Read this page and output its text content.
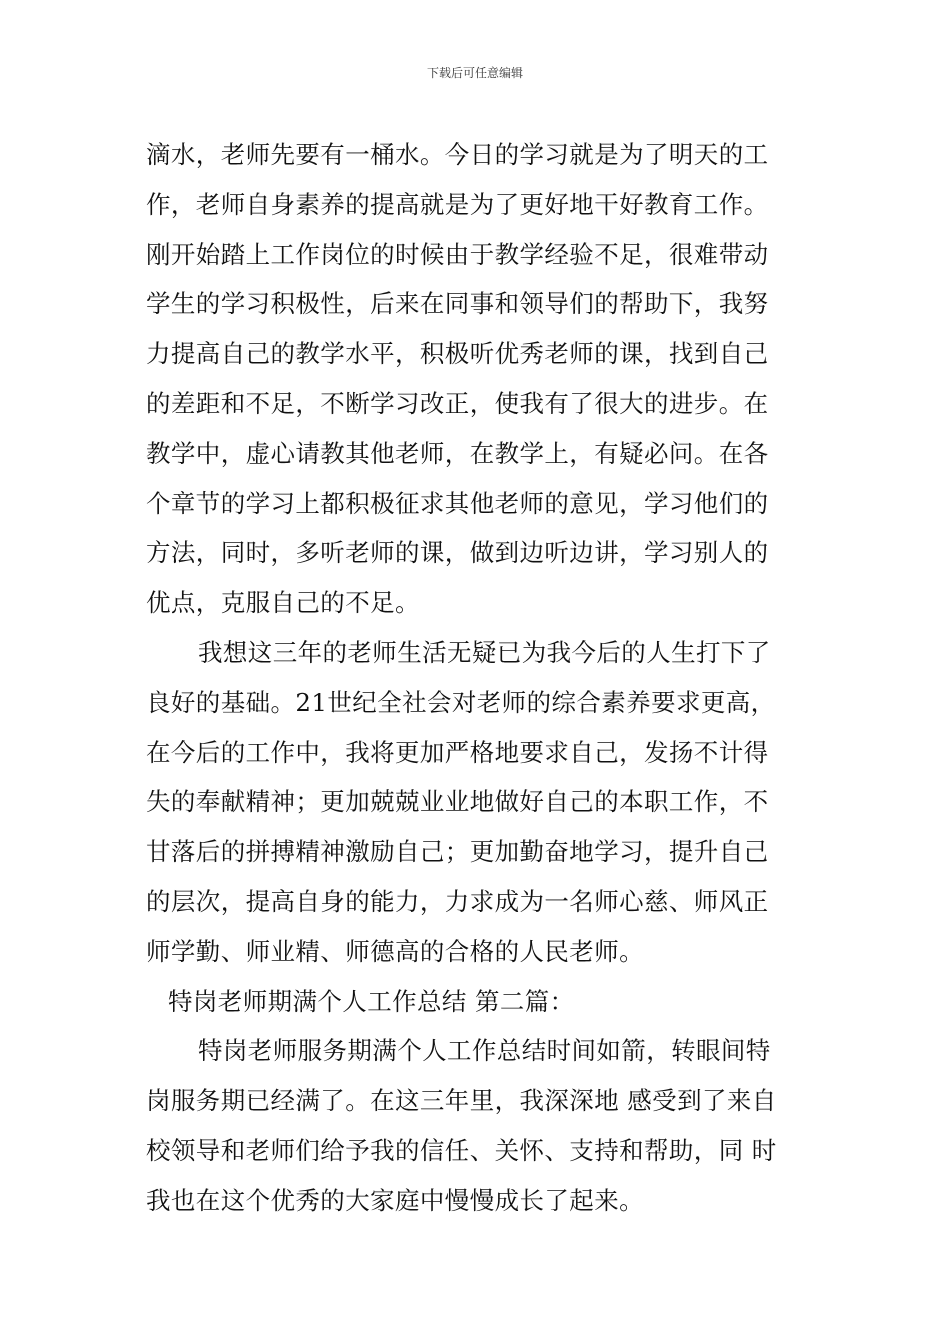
下载后可任意编辑
滴水，老师先要有一桶水。今日的学习就是为了明天的工
作，老师自身素养的提高就是为了更好地干好教育工作。
刚开始踏上工作岗位的时候由于教学经验不足，很难带动
学生的学习积极性，后来在同事和领导们的帮助下，我努
力提高自己的教学水平，积极听优秀老师的课，找到自己
的差距和不足，不断学习改正，使我有了很大的进步。在
教学中，虚心请教其他老师，在教学上，有疑必问。在各
个章节的学习上都积极征求其他老师的意见，学习他们的
方法，同时，多听老师的课，做到边听边讲，学习别人的
优点，克服自己的不足。
我想这三年的老师生活无疑已为我今后的人生打下了
良好的基础。21世纪全社会对老师的综合素养要求更高，
在今后的工作中，我将更加严格地要求自己，发扬不计得
失的奉献精神；更加兢兢业业地做好自己的本职工作，不
甘落后的拼搏精神激励自己；更加勤奋地学习，提升自己
的层次，提高自身的能力，力求成为一名师心慈、师风正
师学勤、师业精、师德高的合格的人民老师。
特岗老师期满个人工作总结 第二篇：
特岗老师服务期满个人工作总结时间如箭，转眼间特
岗服务期已经满了。在这三年里，我深深地 感受到了来自
校领导和老师们给予我的信任、关怀、支持和帮助，同 时
我也在这个优秀的大家庭中慢慢成长了起来。
